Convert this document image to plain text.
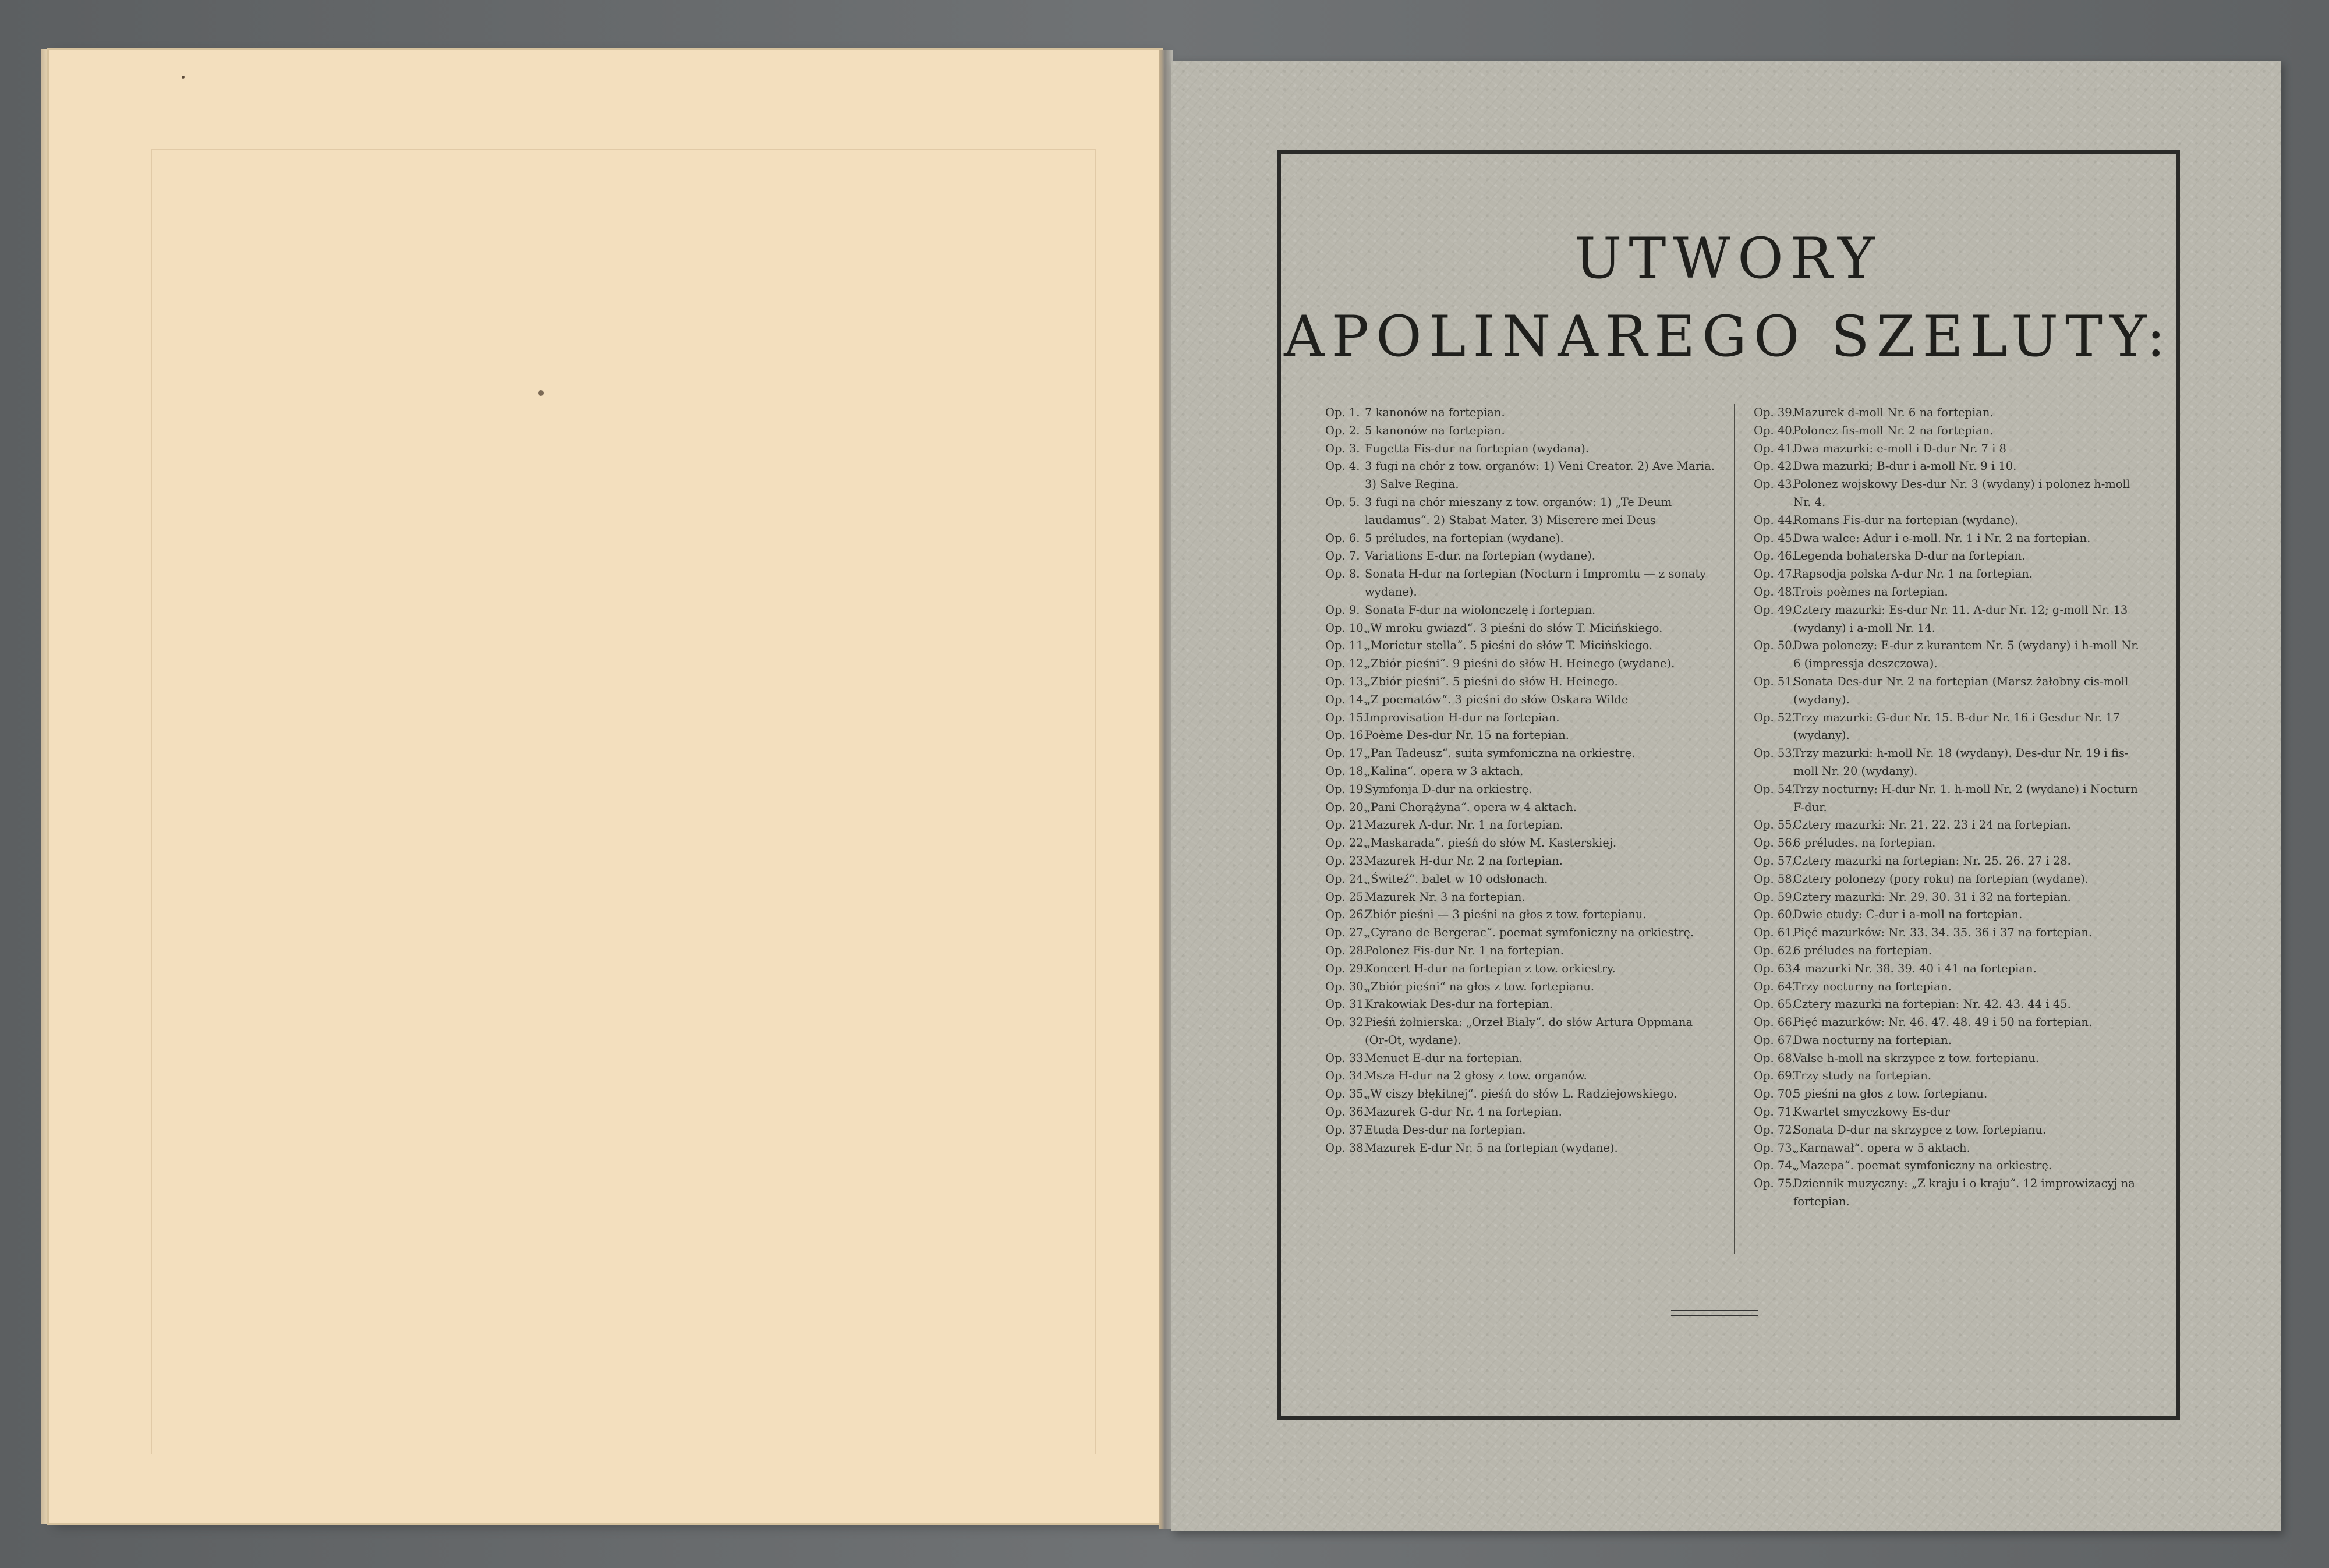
UTWORY
APOLINAREGO SZELUTY:
Op. 1. 7 kanonów na fortepian.
Op. 2. 5 kanonów na fortepian.
Op. 3. Fugetta Fis-dur na fortepian (wydana).
Op. 4. 3 fugi na chór z tow. organów: 1) Veni Creator. 2) Ave Maria. 3) Salve Regina.
Op. 5. 3 fugi na chór mieszany z tow. organów: 1) „Te Deum laudamus“. 2) Stabat Mater. 3) Miserere mei Deus
Op. 6. 5 préludes, na fortepian (wydane).
Op. 7. Variations E-dur. na fortepian (wydane).
Op. 8. Sonata H-dur na fortepian (Nocturn i Impromtu — z sonaty wydane).
Op. 9. Sonata F-dur na wiolonczelę i fortepian.
Op. 10.
„W mroku gwiazd“. 3 pieśni do słów T. Micińskiego.
Op. 11.
„Morietur stella“. 5 pieśni do słów T. Micińskiego.
Op. 12.
„Zbiór pieśni“. 9 pieśni do słów H. Heinego (wydane).
Op. 13.
„Zbiór pieśni“. 5 pieśni do słów H. Heinego.
Op. 14.
„Z poematów“. 3 pieśni do słów Oskara Wilde
Op. 15.
Improvisation H-dur na fortepian.
Op. 16.
Poème Des-dur Nr. 15 na fortepian.
Op. 17.
„Pan Tadeusz“. suita symfoniczna na orkiestrę.
Op. 18.
„Kalina“. opera w 3 aktach.
Op. 19.
Symfonja D-dur na orkiestrę.
Op. 20.
„Pani Chorążyna“. opera w 4 aktach.
Op. 21.
Mazurek A-dur. Nr. 1 na fortepian.
Op. 22.
„Maskarada“. pieśń do słów M. Kasterskiej.
Op. 23.
Mazurek H-dur Nr. 2 na fortepian.
Op. 24.
„Świteź“. balet w 10 odsłonach.
Op. 25.
Mazurek Nr. 3 na fortepian.
Op. 26.
Zbiór pieśni — 3 pieśni na głos z tow. fortepianu.
Op. 27.
„Cyrano de Bergerac“. poemat symfoniczny na orkiestrę.
Op. 28.
Polonez Fis-dur Nr. 1 na fortepian.
Op. 29.
Koncert H-dur na fortepian z tow. orkiestry.
Op. 30.
„Zbiór pieśni“ na głos z tow. fortepianu.
Op. 31.
Krakowiak Des-dur na fortepian.
Op. 32.
Pieśń żołnierska: „Orzeł Biały“. do słów Artura Oppmana (Or-Ot, wydane).
Op. 33.
Menuet E-dur na fortepian.
Op. 34.
Msza H-dur na 2 głosy z tow. organów.
Op. 35.
„W ciszy błękitnej“. pieśń do słów L. Radziejowskiego.
Op. 36.
Mazurek G-dur Nr. 4 na fortepian.
Op. 37.
Etuda Des-dur na fortepian.
Op. 38.
Mazurek E-dur Nr. 5 na fortepian (wydane).
Op. 39.
Mazurek d-moll Nr. 6 na fortepian.
Op. 40.
Polonez fis-moll Nr. 2 na fortepian.
Op. 41.
Dwa mazurki: e-moll i D-dur Nr. 7 i 8
Op. 42.
Dwa mazurki; B-dur i a-moll Nr. 9 i 10.
Op. 43.
Polonez wojskowy Des-dur Nr. 3 (wydany) i polonez h-moll Nr. 4.
Op. 44.
Romans Fis-dur na fortepian (wydane).
Op. 45.
Dwa walce: Adur i e-moll. Nr. 1 i Nr. 2 na fortepian.
Op. 46.
Legenda bohaterska D-dur na fortepian.
Op. 47.
Rapsodja polska A-dur Nr. 1 na fortepian.
Op. 48.
Trois poèmes na fortepian.
Op. 49.
Cztery mazurki: Es-dur Nr. 11. A-dur Nr. 12; g-moll Nr. 13 (wydany) i a-moll Nr. 14.
Op. 50.
Dwa polonezy: E-dur z kurantem Nr. 5 (wydany) i h-moll Nr. 6 (impressja deszczowa).
Op. 51.
Sonata Des-dur Nr. 2 na fortepian (Marsz żałobny cis-moll (wydany).
Op. 52.
Trzy mazurki: G-dur Nr. 15. B-dur Nr. 16 i Gesdur Nr. 17 (wydany).
Op. 53.
Trzy mazurki: h-moll Nr. 18 (wydany). Des-dur Nr. 19 i fis-moll Nr. 20 (wydany).
Op. 54.
Trzy nocturny: H-dur Nr. 1. h-moll Nr. 2 (wydane) i Nocturn F-dur.
Op. 55.
Cztery mazurki: Nr. 21. 22. 23 i 24 na fortepian.
Op. 56.
6 préludes. na fortepian.
Op. 57.
Cztery mazurki na fortepian: Nr. 25. 26. 27 i 28.
Op. 58.
Cztery polonezy (pory roku) na fortepian (wydane).
Op. 59.
Cztery mazurki: Nr. 29. 30. 31 i 32 na fortepian.
Op. 60.
Dwie etudy: C-dur i a-moll na fortepian.
Op. 61.
Pięć mazurków: Nr. 33. 34. 35. 36 i 37 na fortepian.
Op. 62.
6 préludes na fortepian.
Op. 63.
4 mazurki Nr. 38. 39. 40 i 41 na fortepian.
Op. 64.
Trzy nocturny na fortepian.
Op. 65.
Cztery mazurki na fortepian: Nr. 42. 43. 44 i 45.
Op. 66.
Pięć mazurków: Nr. 46. 47. 48. 49 i 50 na fortepian.
Op. 67.
Dwa nocturny na fortepian.
Op. 68.
Valse h-moll na skrzypce z tow. fortepianu.
Op. 69.
Trzy study na fortepian.
Op. 70.
5 pieśni na głos z tow. fortepianu.
Op. 71.
Kwartet smyczkowy Es-dur
Op. 72.
Sonata D-dur na skrzypce z tow. fortepianu.
Op. 73.
„Karnawał“. opera w 5 aktach.
Op. 74.
„Mazepa“. poemat symfoniczny na orkiestrę.
Op. 75.
Dziennik muzyczny: „Z kraju i o kraju“. 12 improwizacyj na fortepian.
